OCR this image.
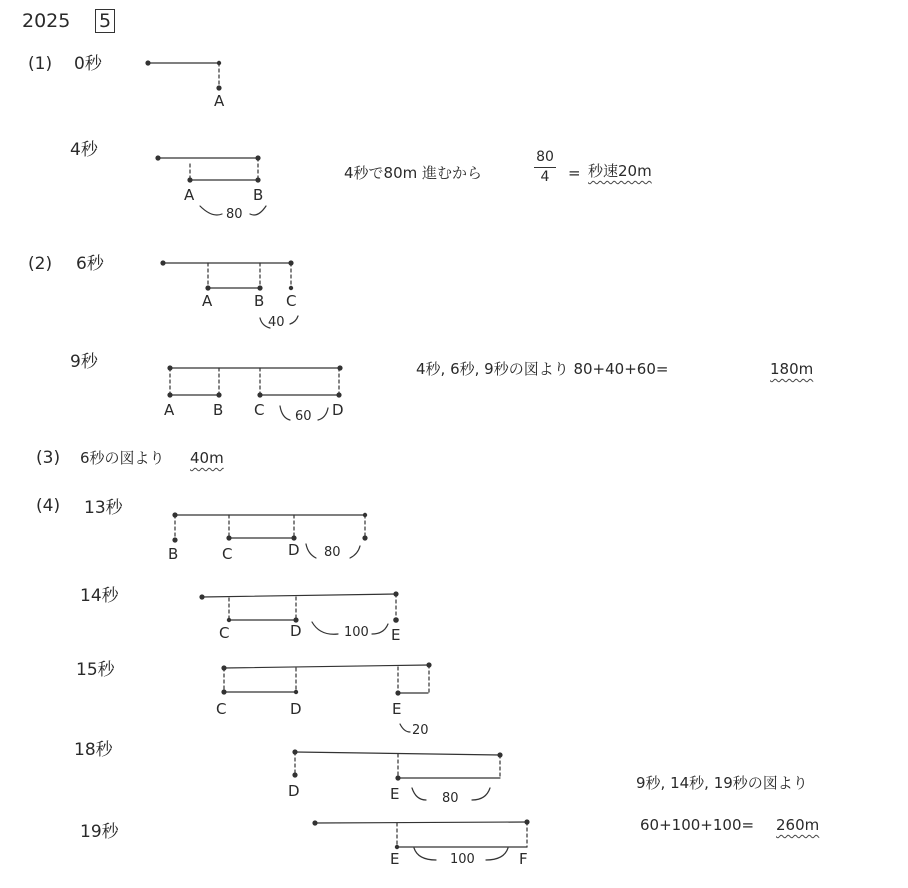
2025 5
(1) 0秒
A
4秒
A	B
80
4秒で80m 進むから
80
4 = 秒速20m
(2) 6秒
A	B C
40
9秒
A	B C	D
60
4秒, 6秒, 9秒の図より 80+40+60=	180m
(3) 6秒の図より 40m
(4) 13秒
B	C	D 80
14秒
C	D	E
100
15秒
C	D	E
20
18秒
D	E	80
19秒
E	F
100
9秒, 14秒, 19秒の図より
60+100+100= 260m
